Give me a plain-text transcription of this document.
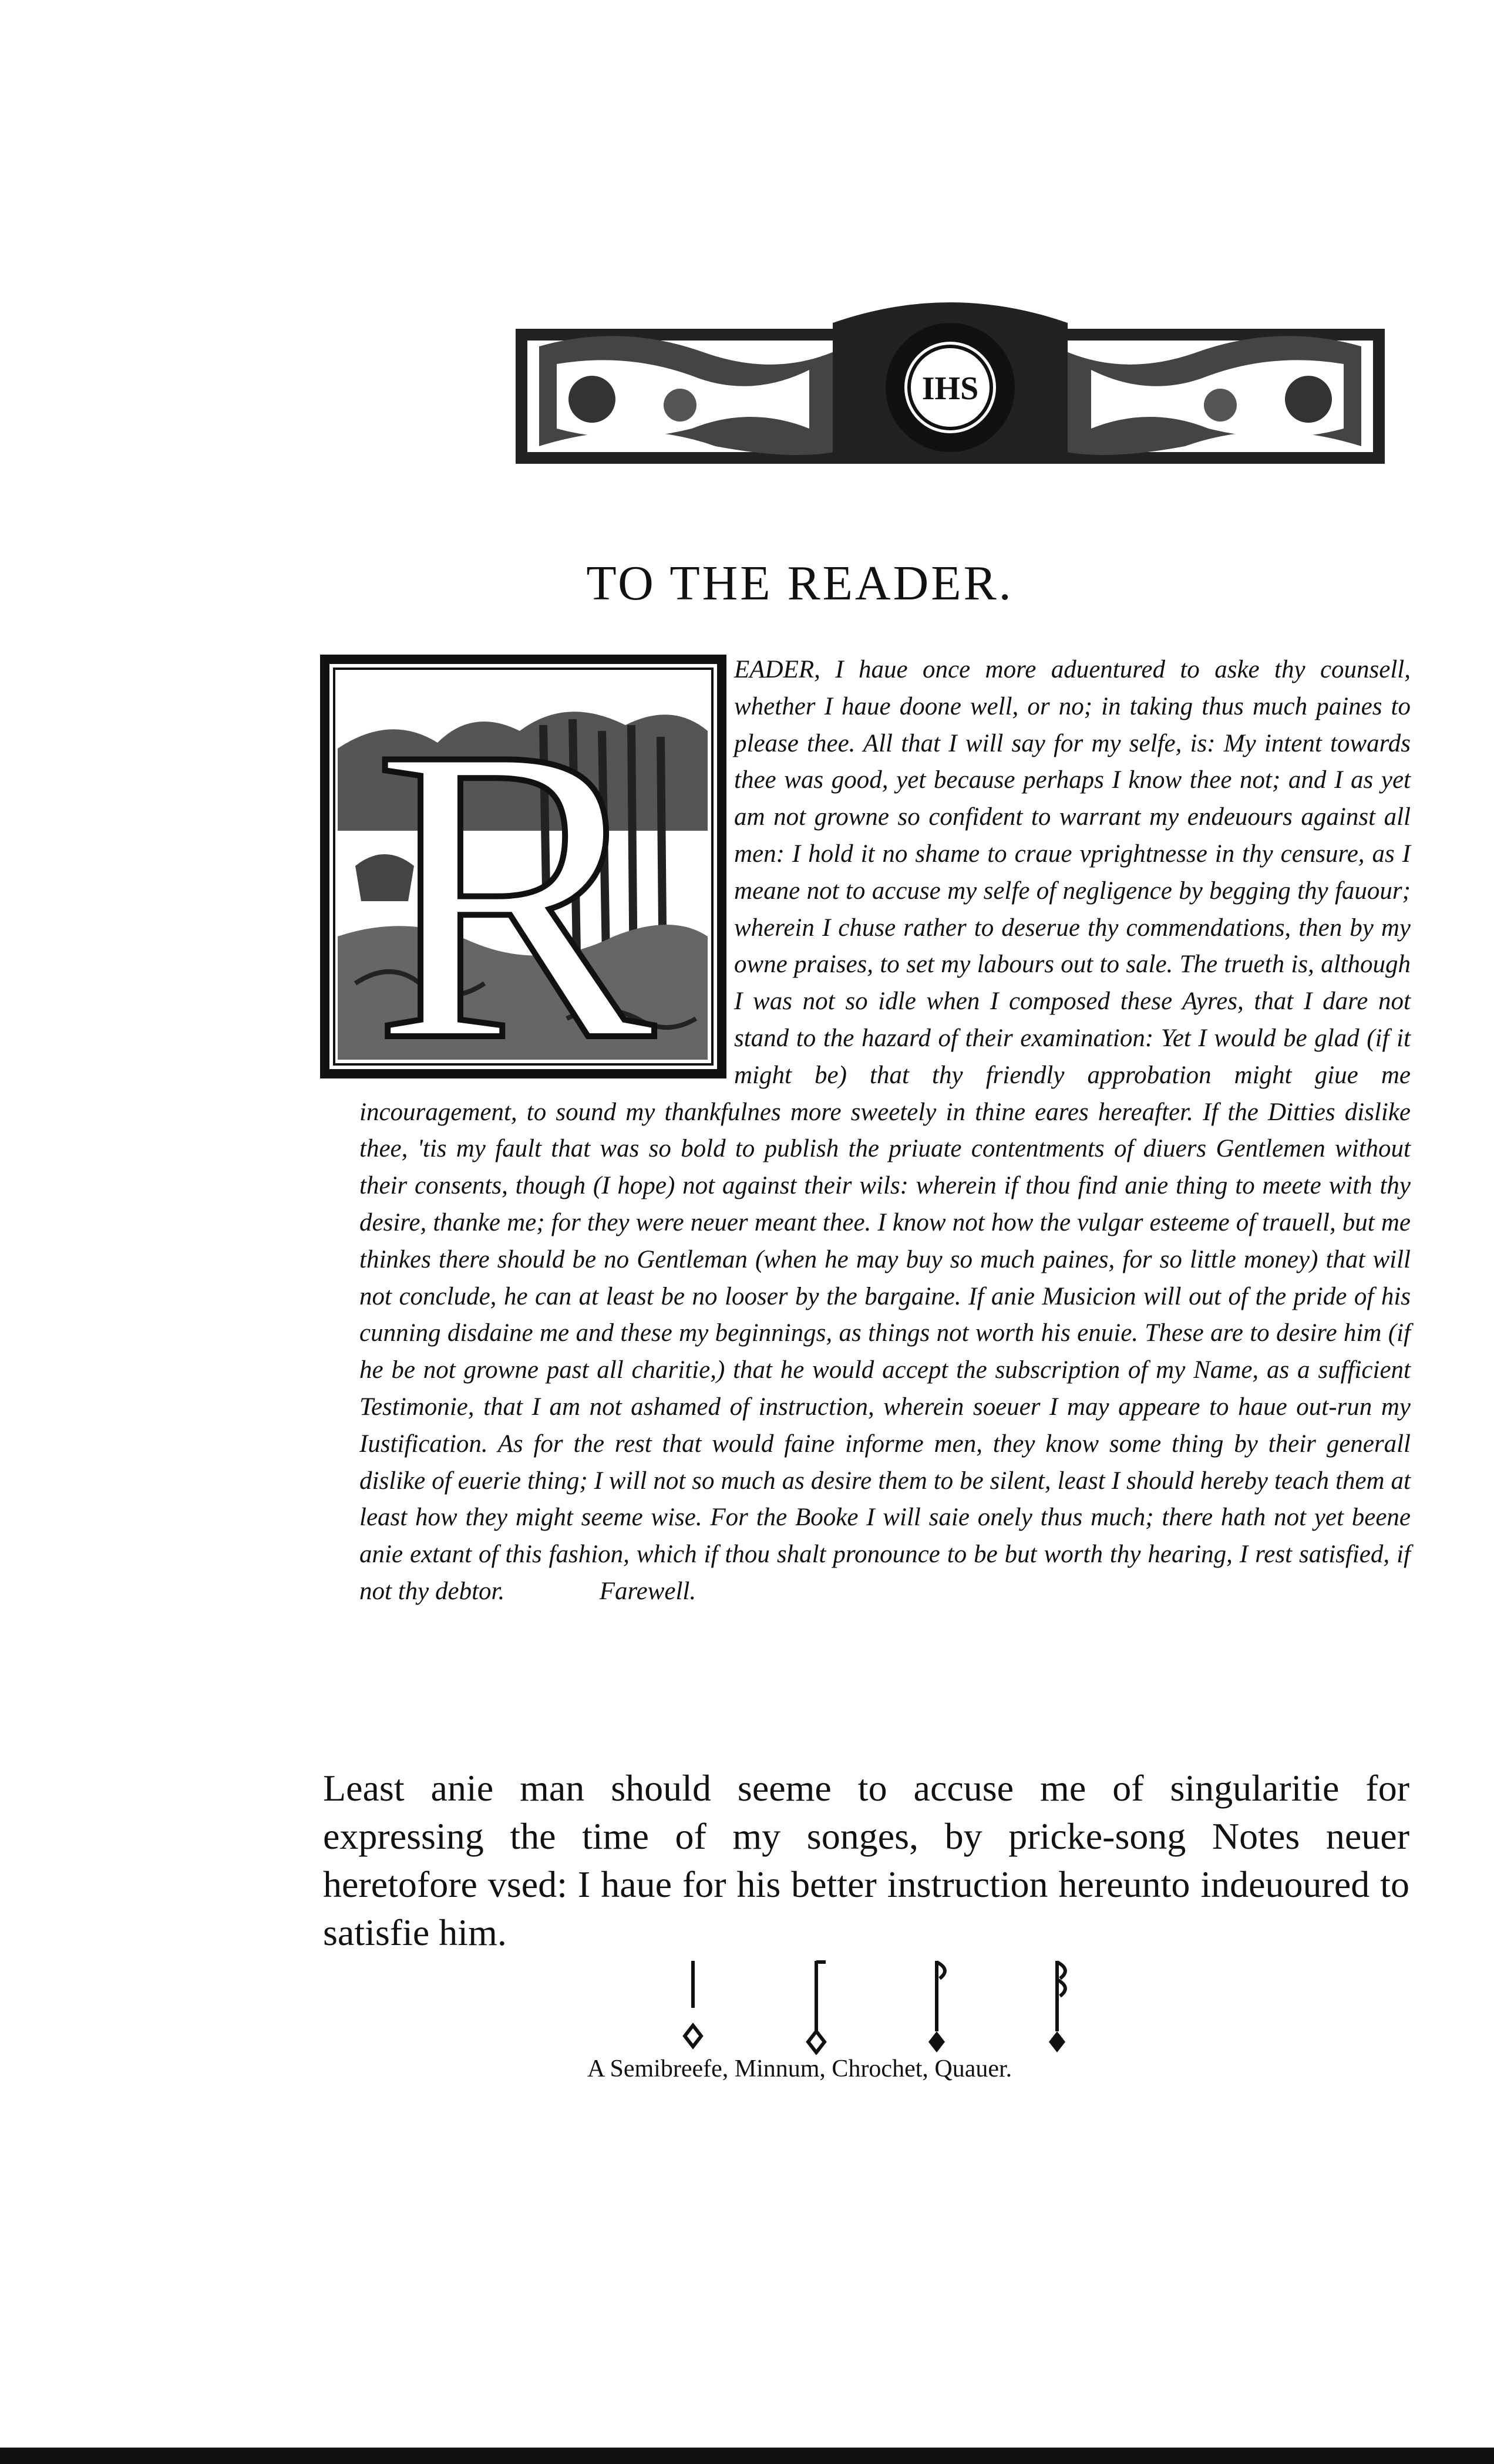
IHS
TO THE READER.
R	EADER, I haue once more aduentured to aske thy counsell, whether I haue doone well, or no; in taking thus much paines to please thee. All that I will say for my selfe, is: My intent towards thee was good, yet because perhaps I know thee not; and I as yet am not growne so confident to warrant my endeuours against all men: I hold it no shame to craue vprightnesse in thy censure, as I meane not to accuse my selfe of negligence by begging thy fauour; wherein I chuse rather to deserue thy commendations, then by my owne praises, to set my labours out to sale. The trueth is, although I was not so idle when I composed these Ayres, that I dare not stand to the hazard of their examination: Yet I would be glad (if it might be) that thy friendly approbation might giue me incouragement, to sound my thankfulnes more sweetely in thine eares hereafter. If the Ditties dislike thee, 'tis my fault that was so bold to publish the priuate contentments of diuers Gentlemen without their consents, though (I hope) not against their wils: wherein if thou find anie thing to meete with thy desire, thanke me; for they were neuer meant thee. I know not how the vulgar esteeme of trauell, but me thinkes there should be no Gentleman (when he may buy so much paines, for so little money) that will not conclude, he can at least be no looser by the bargaine. If anie Musicion will out of the pride of his cunning disdaine me and these my beginnings, as things not worth his enuie. These are to desire him (if he be not growne past all charitie,) that he would accept the subscription of my Name, as a sufficient Testimonie, that I am not ashamed of instruction, wherein soeuer I may appeare to haue out-run my Iustification. As for the rest that would faine informe men, they know some thing by their generall dislike of euerie thing; I will not so much as desire them to be silent, least I should hereby teach them at least how they might seeme wise. For the Booke I will saie onely thus much; there hath not yet beene anie extant of this fashion, which if thou shalt pronounce to be but worth thy hearing, I rest satisfied, if not thy debtor.	Farewell.

Least anie man should seeme to accuse me of singularitie for expressing the time of my songes, by pricke-song Notes neuer heretofore vsed: I haue for his better instruction hereunto indeuoured to satisfie him.

A Semibreefe, Minnum, Chrochet, Quauer.
